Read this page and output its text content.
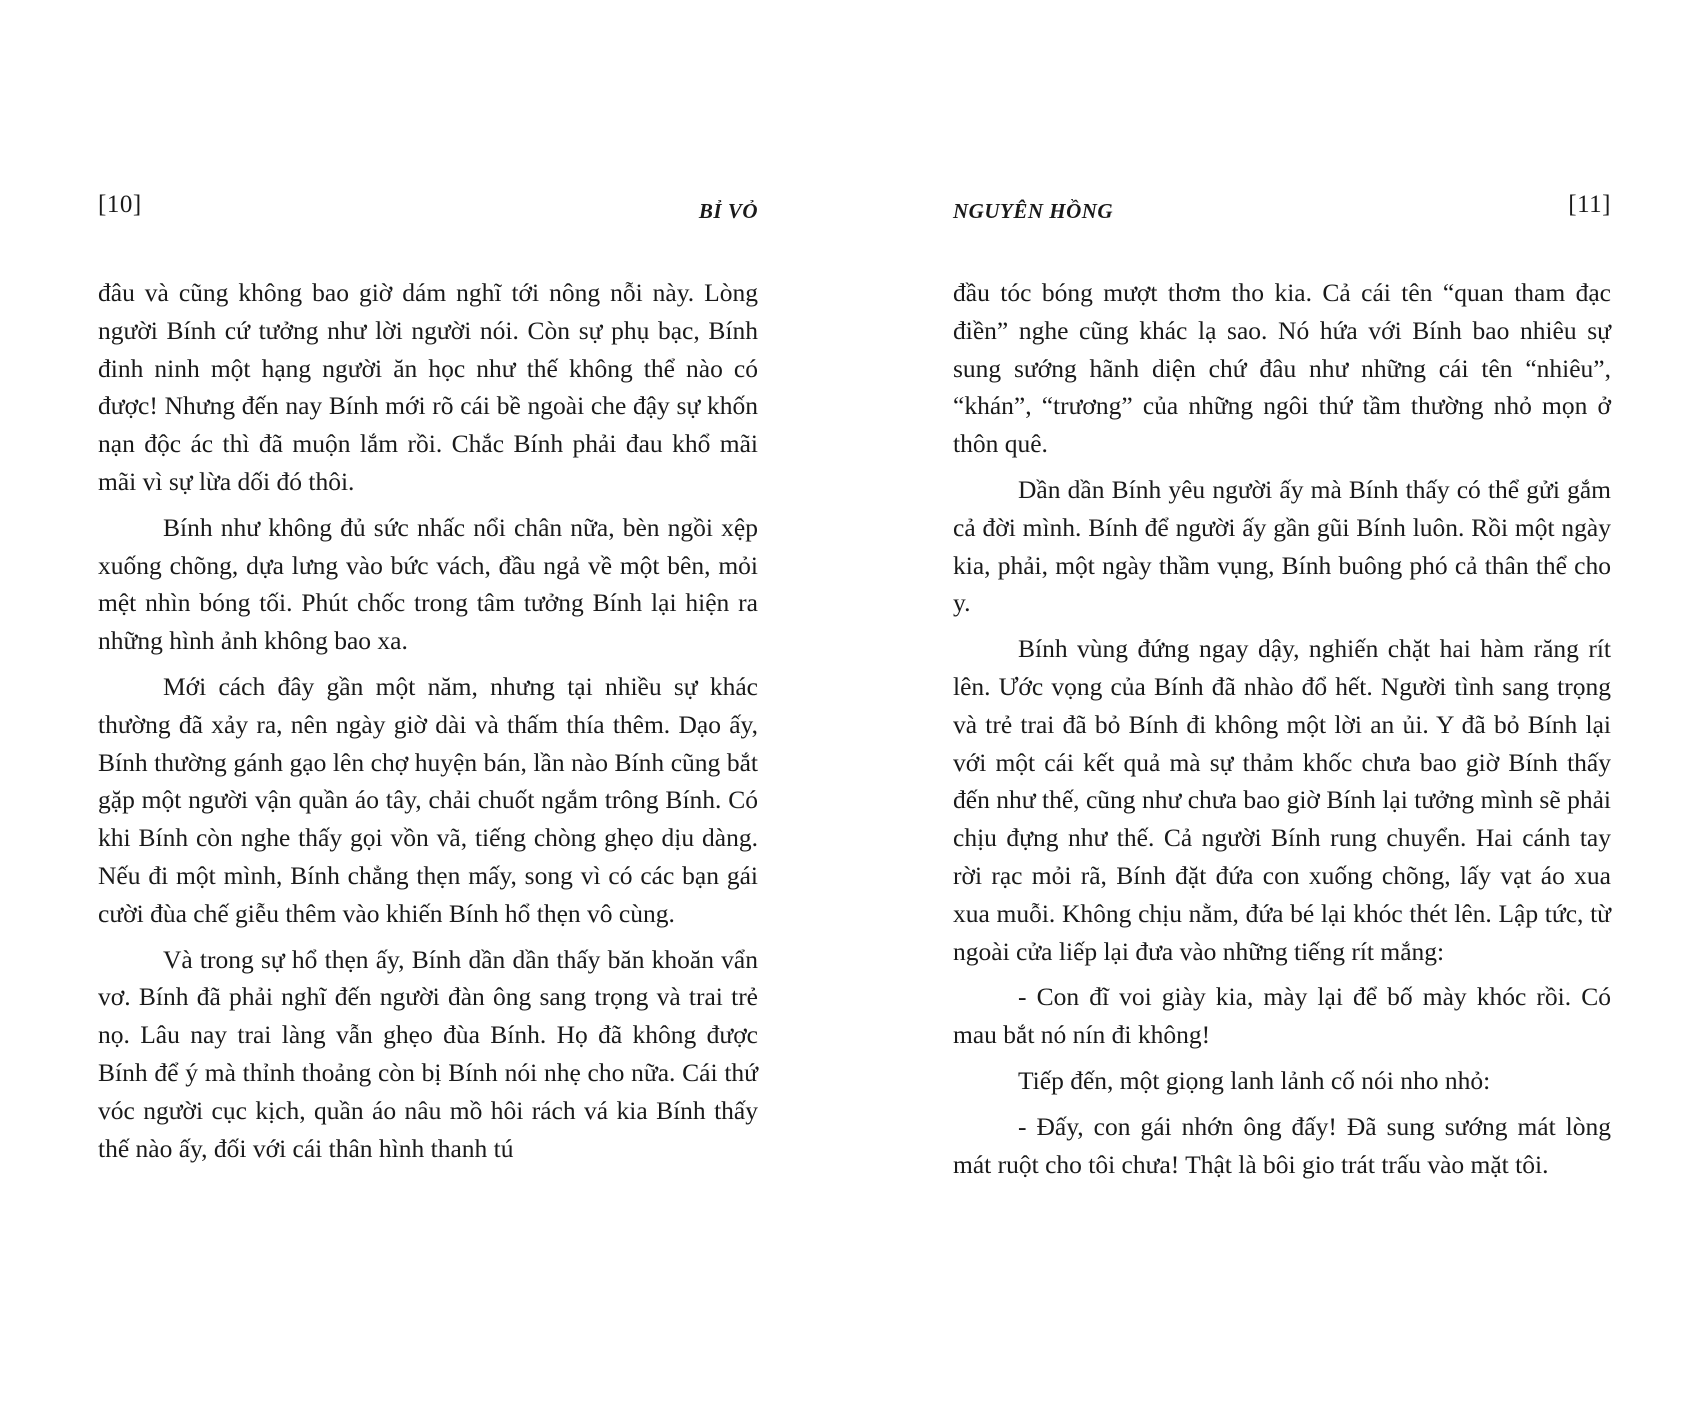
[10]	BỈ VỎ

đâu và cũng không bao giờ dám nghĩ tới nông nỗi này. Lòng người Bính cứ tưởng như lời người nói. Còn sự phụ bạc, Bính đinh ninh một hạng người ăn học như thế không thể nào có được! Nhưng đến nay Bính mới rõ cái bề ngoài che đậy sự khốn nạn độc ác thì đã muộn lắm rồi. Chắc Bính phải đau khổ mãi mãi vì sự lừa dối đó thôi.

Bính như không đủ sức nhấc nổi chân nữa, bèn ngồi xệp xuống chõng, dựa lưng vào bức vách, đầu ngả về một bên, mỏi mệt nhìn bóng tối. Phút chốc trong tâm tưởng Bính lại hiện ra những hình ảnh không bao xa.

Mới cách đây gần một năm, nhưng tại nhiều sự khác thường đã xảy ra, nên ngày giờ dài và thấm thía thêm. Dạo ấy, Bính thường gánh gạo lên chợ huyện bán, lần nào Bính cũng bắt gặp một người vận quần áo tây, chải chuốt ngắm trông Bính. Có khi Bính còn nghe thấy gọi vồn vã, tiếng chòng ghẹo dịu dàng. Nếu đi một mình, Bính chẳng thẹn mấy, song vì có các bạn gái cười đùa chế giễu thêm vào khiến Bính hổ thẹn vô cùng.

Và trong sự hổ thẹn ấy, Bính dần dần thấy băn khoăn vẩn vơ. Bính đã phải nghĩ đến người đàn ông sang trọng và trai trẻ nọ. Lâu nay trai làng vẫn ghẹo đùa Bính. Họ đã không được Bính để ý mà thỉnh thoảng còn bị Bính nói nhẹ cho nữa. Cái thứ vóc người cục kịch, quần áo nâu mồ hôi rách vá kia Bính thấy thế nào ấy, đối với cái thân hình thanh tú

NGUYÊN HỒNG	[11]

đầu tóc bóng mượt thơm tho kia. Cả cái tên “quan tham đạc điền” nghe cũng khác lạ sao. Nó hứa với Bính bao nhiêu sự sung sướng hãnh diện chứ đâu như những cái tên “nhiêu”, “khán”, “trương” của những ngôi thứ tầm thường nhỏ mọn ở thôn quê.

Dần dần Bính yêu người ấy mà Bính thấy có thể gửi gắm cả đời mình. Bính để người ấy gần gũi Bính luôn. Rồi một ngày kia, phải, một ngày thầm vụng, Bính buông phó cả thân thể cho y.

Bính vùng đứng ngay dậy, nghiến chặt hai hàm răng rít lên. Ước vọng của Bính đã nhào đổ hết. Người tình sang trọng và trẻ trai đã bỏ Bính đi không một lời an ủi. Y đã bỏ Bính lại với một cái kết quả mà sự thảm khốc chưa bao giờ Bính thấy đến như thế, cũng như chưa bao giờ Bính lại tưởng mình sẽ phải chịu đựng như thế. Cả người Bính rung chuyển. Hai cánh tay rời rạc mỏi rã, Bính đặt đứa con xuống chõng, lấy vạt áo xua xua muỗi. Không chịu nằm, đứa bé lại khóc thét lên. Lập tức, từ ngoài cửa liếp lại đưa vào những tiếng rít mắng:

- Con đĩ voi giày kia, mày lại để bố mày khóc rồi. Có mau bắt nó nín đi không!

Tiếp đến, một giọng lanh lảnh cố nói nho nhỏ:

- Đấy, con gái nhớn ông đấy! Đã sung sướng mát lòng mát ruột cho tôi chưa! Thật là bôi gio trát trấu vào mặt tôi.
